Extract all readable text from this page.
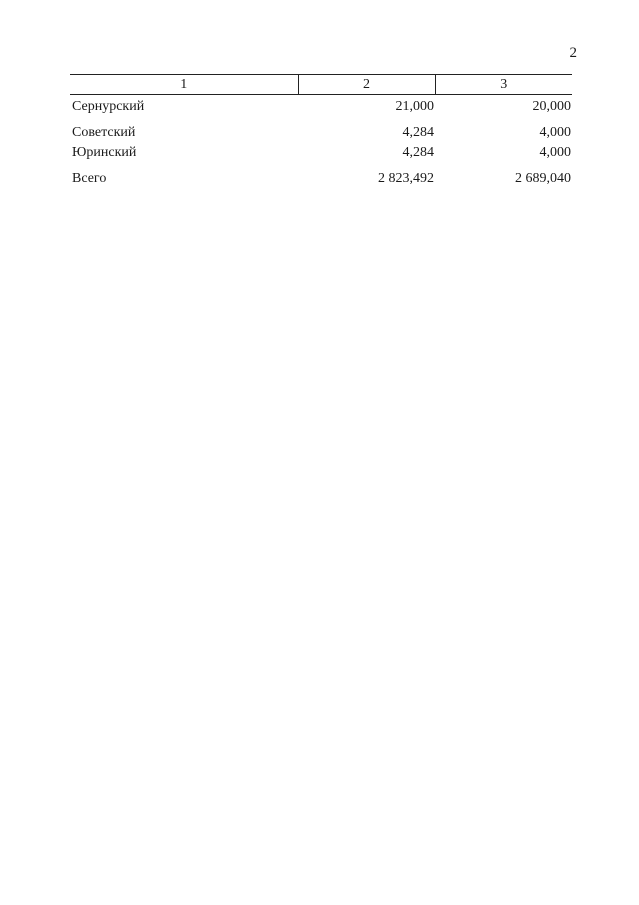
2
1	2	3
Сернурский	21,000	20,000
Советский	4,284	4,000
Юринский	4,284	4,000
Всего	2 823,492	2 689,040
